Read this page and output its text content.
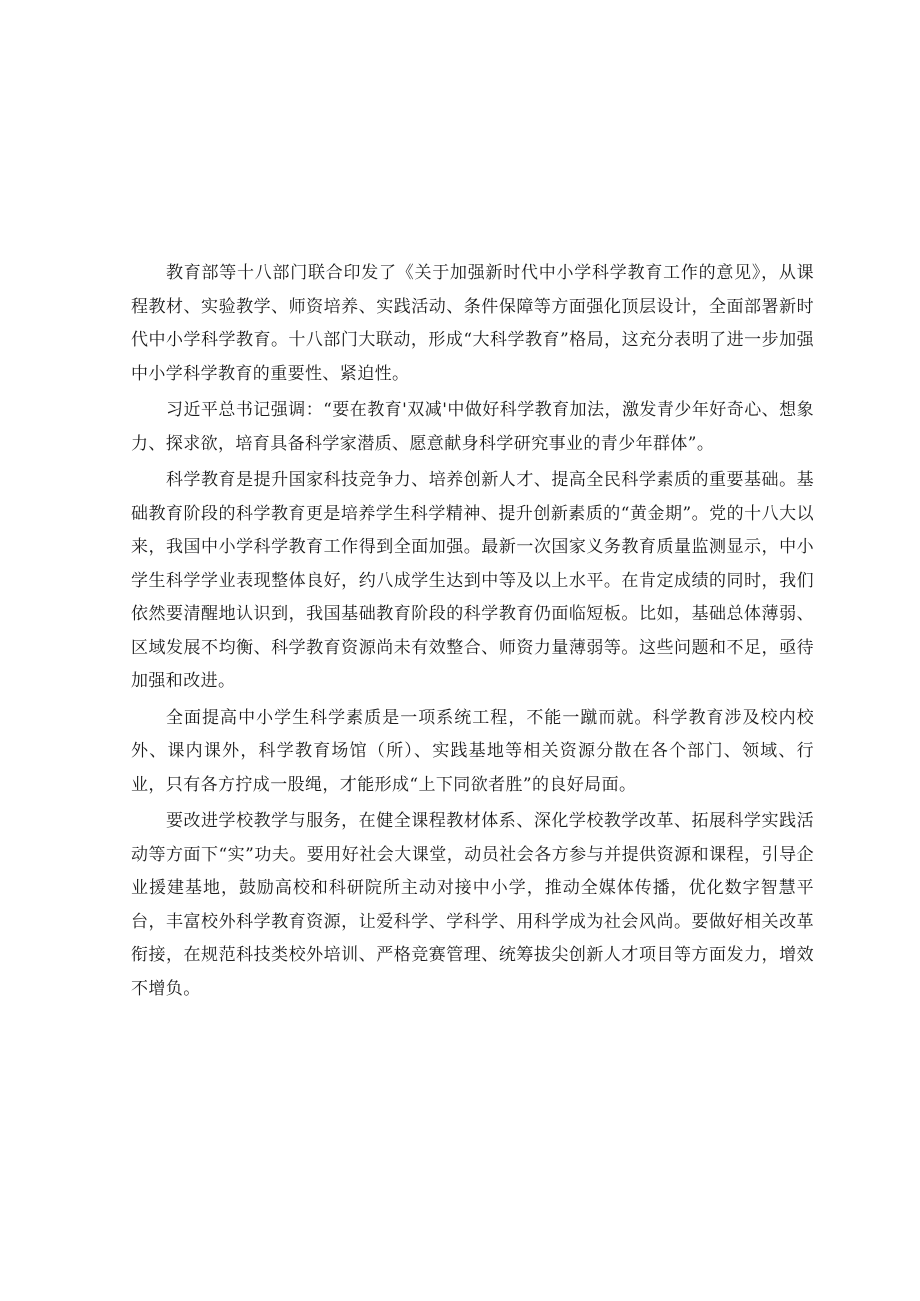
教育部等十八部门联合印发了《关于加强新时代中小学科学教育工作的意见》，从课程教材、实验教学、师资培养、实践活动、条件保障等方面强化顶层设计，全面部署新时代中小学科学教育。十八部门大联动，形成“大科学教育”格局，这充分表明了进一步加强中小学科学教育的重要性、紧迫性。

习近平总书记强调：“要在教育'双减'中做好科学教育加法，激发青少年好奇心、想象力、探求欲，培育具备科学家潜质、愿意献身科学研究事业的青少年群体”。

科学教育是提升国家科技竞争力、培养创新人才、提高全民科学素质的重要基础。基础教育阶段的科学教育更是培养学生科学精神、提升创新素质的“黄金期”。党的十八大以来，我国中小学科学教育工作得到全面加强。最新一次国家义务教育质量监测显示，中小学生科学学业表现整体良好，约八成学生达到中等及以上水平。在肯定成绩的同时，我们依然要清醒地认识到，我国基础教育阶段的科学教育仍面临短板。比如，基础总体薄弱、区域发展不均衡、科学教育资源尚未有效整合、师资力量薄弱等。这些问题和不足，亟待加强和改进。

全面提高中小学生科学素质是一项系统工程，不能一蹴而就。科学教育涉及校内校外、课内课外，科学教育场馆（所）、实践基地等相关资源分散在各个部门、领域、行业，只有各方拧成一股绳，才能形成“上下同欲者胜”的良好局面。

要改进学校教学与服务，在健全课程教材体系、深化学校教学改革、拓展科学实践活动等方面下“实”功夫。要用好社会大课堂，动员社会各方参与并提供资源和课程，引导企业援建基地，鼓励高校和科研院所主动对接中小学，推动全媒体传播，优化数字智慧平台，丰富校外科学教育资源，让爱科学、学科学、用科学成为社会风尚。要做好相关改革衔接，在规范科技类校外培训、严格竞赛管理、统筹拔尖创新人才项目等方面发力，增效不增负。
